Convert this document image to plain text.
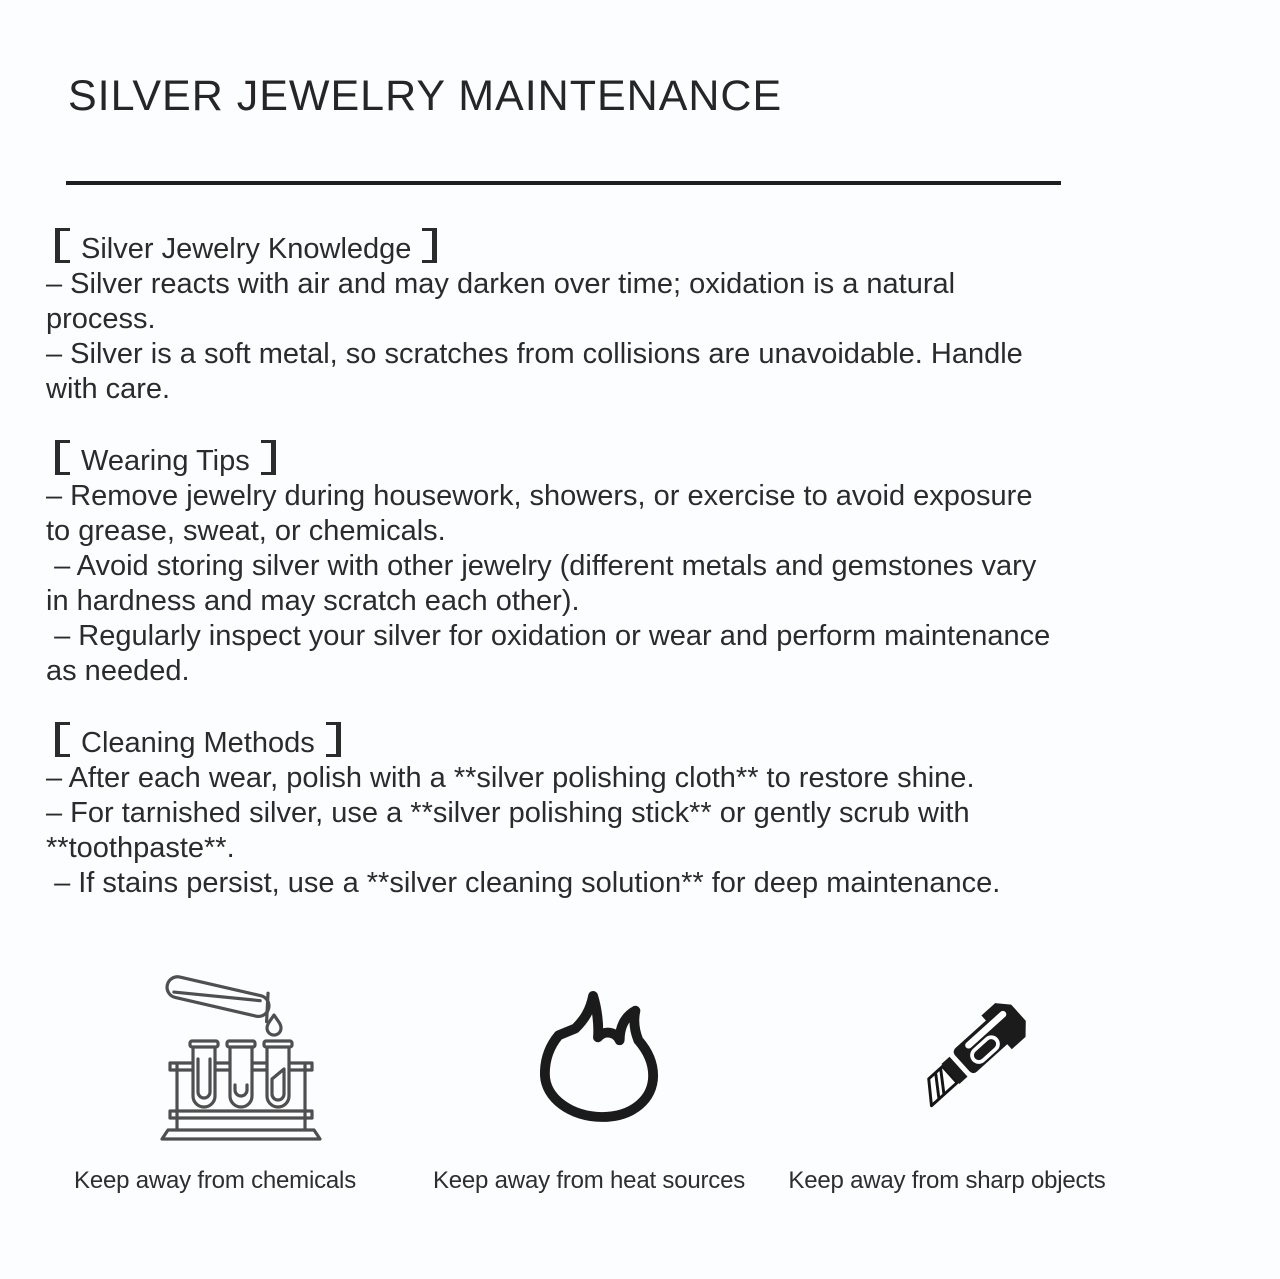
SILVER JEWELRY MAINTENANCE
Silver Jewelry Knowledge
– Silver reacts with air and may darken over time; oxidation is a natural
process.
– Silver is a soft metal, so scratches from collisions are unavoidable. Handle
with care.
Wearing Tips
– Remove jewelry during housework, showers, or exercise to avoid exposure
to grease, sweat, or chemicals.
– Avoid storing silver with other jewelry (different metals and gemstones vary
in hardness and may scratch each other).
– Regularly inspect your silver for oxidation or wear and perform maintenance
as needed.
Cleaning Methods
– After each wear, polish with a **silver polishing cloth** to restore shine.
– For tarnished silver, use a **silver polishing stick** or gently scrub with
**toothpaste**.
– If stains persist, use a **silver cleaning solution** for deep maintenance.
Keep away from chemicals	Keep away from heat sources Keep away from sharp objects
